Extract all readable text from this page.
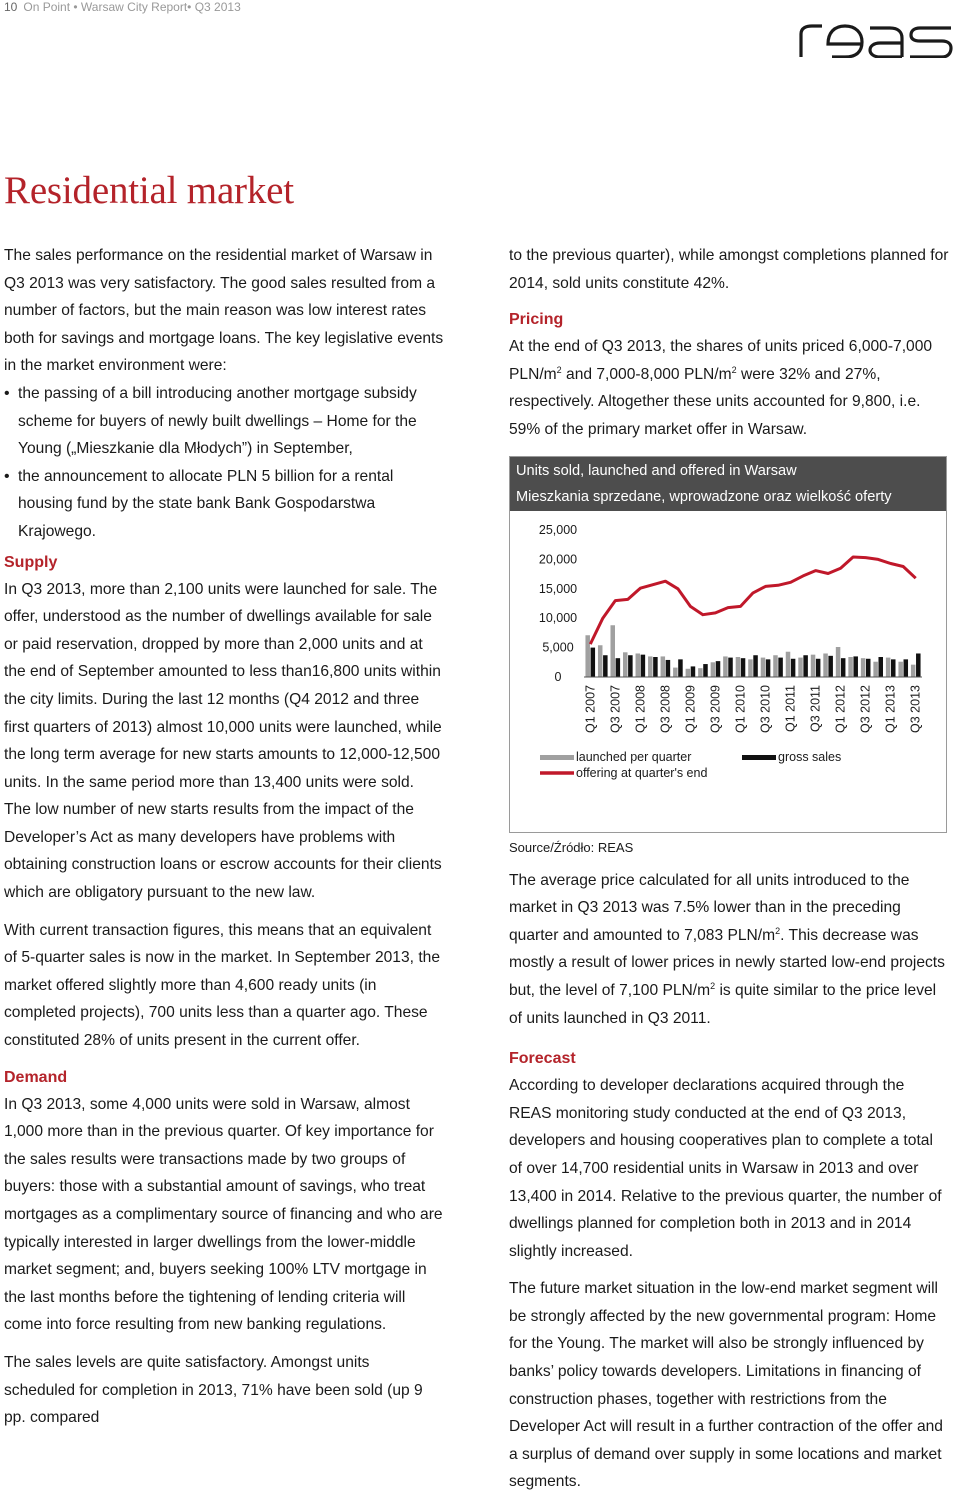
10 On Point • Warsaw City Report• Q3 2013
Residential market

The sales performance on the residential market of Warsaw in Q3 2013 was very satisfactory. The good sales resulted from a number of factors, but the main reason was low interest rates both for savings and mortgage loans. The key legislative events in the market environment were:

• the passing of a bill introducing another mortgage subsidy scheme for buyers of newly built dwellings – Home for the Young („Mieszkanie dla Młodych”) in September,
• the announcement to allocate PLN 5 billion for a rental housing fund by the state bank Bank Gospodarstwa Krajowego.
Supply

In Q3 2013, more than 2,100 units were launched for sale. The offer, understood as the number of dwellings available for sale or paid reservation, dropped by more than 2,000 units and at the end of September amounted to less than16,800 units within the city limits. During the last 12 months (Q4 2012 and three first quarters of 2013) almost 10,000 units were launched, while the long term average for new starts amounts to 12,000-12,500 units. In the same period more than 13,400 units were sold. The low number of new starts results from the impact of the Developer’s Act as many developers have problems with obtaining construction loans or escrow accounts for their clients which are obligatory pursuant to the new law.

With current transaction figures, this means that an equivalent of 5-quarter sales is now in the market. In September 2013, the market offered slightly more than 4,600 ready units (in completed projects), 700 units less than a quarter ago. These constituted 28% of units present in the current offer.

Demand

In Q3 2013, some 4,000 units were sold in Warsaw, almost 1,000 more than in the previous quarter. Of key importance for the sales results were transactions made by two groups of buyers: those with a substantial amount of savings, who treat mortgages as a complimentary source of financing and who are typically interested in larger dwellings from the lower-middle market segment; and, buyers seeking 100% LTV mortgage in the last months before the tightening of lending criteria will come into force resulting from new banking regulations.

The sales levels are quite satisfactory. Amongst units scheduled for completion in 2013, 71% have been sold (up 9 pp. compared

to the previous quarter), while amongst completions planned for 2014, sold units constitute 42%.

Pricing

At the end of Q3 2013, the shares of units priced 6,000-7,000 PLN/$m^2$ and 7,000-8,000 PLN/$m^2$ were 32% and 27%, respectively. Altogether these units accounted for 9,800, i.e. 59% of the primary market offer in Warsaw.

Units sold, launched and offered in Warsaw
Mieszkania sprzedane, wprowadzone oraz wielkość oferty
25,000
20,000
15,000
10,000
5,000
0
Q1 2007 Q3 2007 Q1 2008 Q3 2008 Q1 2009 Q3 2009 Q1 2010 Q3 2010 Q1 2011 Q3 2011 Q1 2012 Q3 2012 Q1 2013 Q3 2013
launched per quarter
offering at quarter's end
gross sales

Source/Źródło: REAS

The average price calculated for all units introduced to the market in Q3 2013 was 7.5% lower than in the preceding quarter and amounted to 7,083 PLN/$m^2$. This decrease was mostly a result of lower prices in newly started low-end projects but, the level of 7,100 PLN/$m^2$ is quite similar to the price level of units launched in Q3 2011.

Forecast

According to developer declarations acquired through the REAS monitoring study conducted at the end of Q3 2013, developers and housing cooperatives plan to complete a total of over 14,700 residential units in Warsaw in 2013 and over 13,400 in 2014. Relative to the previous quarter, the number of dwellings planned for completion both in 2013 and in 2014 slightly increased.

The future market situation in the low-end market segment will be strongly affected by the new governmental program: Home for the Young. The market will also be strongly influenced by banks’ policy towards developers. Limitations in financing of construction phases, together with restrictions from the Developer Act will result in a further contraction of the offer and a surplus of demand over supply in some locations and market segments.
